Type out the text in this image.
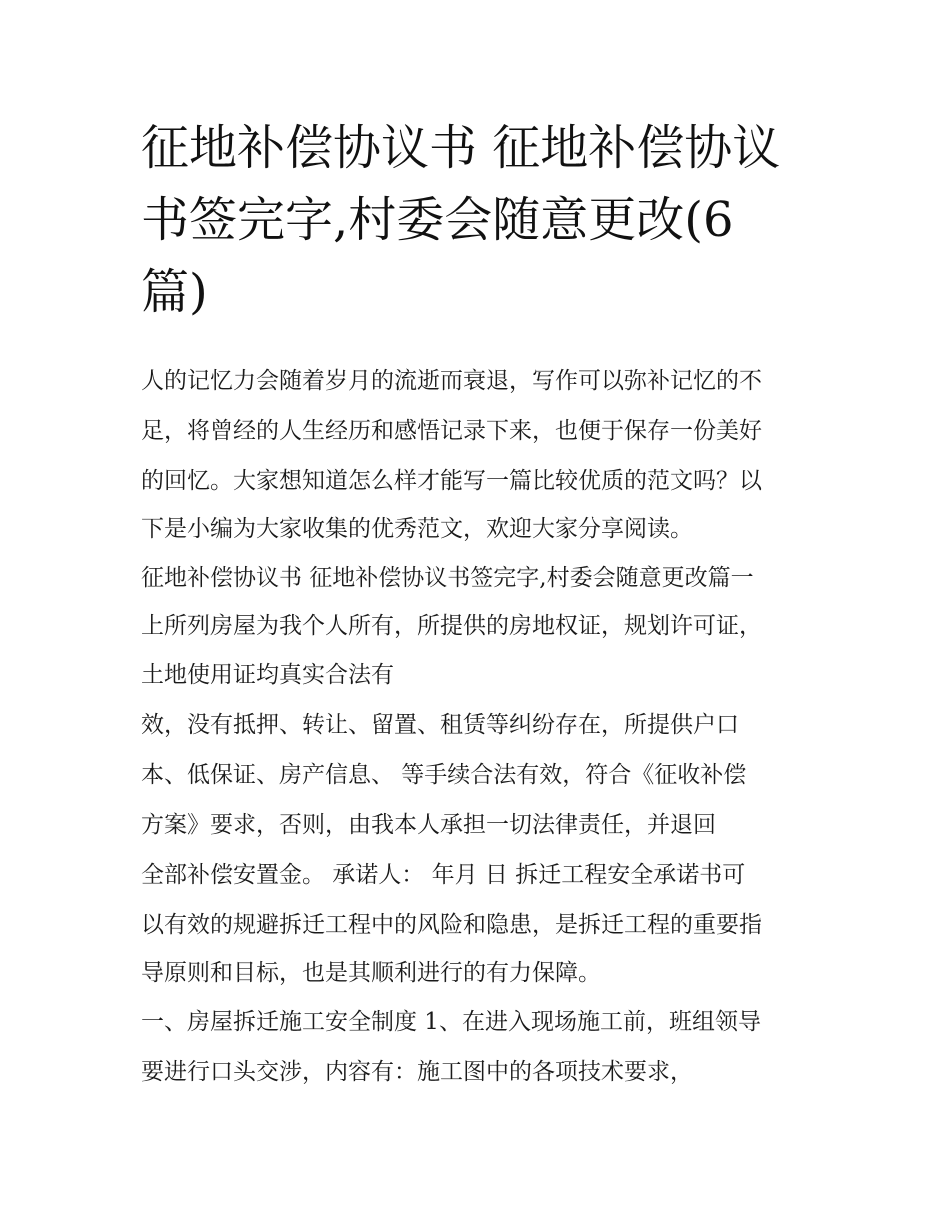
征地补偿协议书 征地补偿协议
书签完字,村委会随意更改(6
篇)
人的记忆力会随着岁月的流逝而衰退，写作可以弥补记忆的不
足，将曾经的人生经历和感悟记录下来，也便于保存一份美好
的回忆。大家想知道怎么样才能写一篇比较优质的范文吗？以
下是小编为大家收集的优秀范文，欢迎大家分享阅读。
征地补偿协议书 征地补偿协议书签完字,村委会随意更改篇一
上所列房屋为我个人所有，所提供的房地权证，规划许可证，
土地使用证均真实合法有
效，没有抵押、转让、留置、租赁等纠纷存在，所提供户口
本、低保证、房产信息、 等手续合法有效，符合《征收补偿
方案》要求，否则，由我本人承担一切法律责任，并退回
全部补偿安置金。 承诺人： 年月 日 拆迁工程安全承诺书可
以有效的规避拆迁工程中的风险和隐患，是拆迁工程的重要指
导原则和目标，也是其顺利进行的有力保障。
一、房屋拆迁施工安全制度 1、在进入现场施工前，班组领导
要进行口头交涉，内容有：施工图中的各项技术要求，
